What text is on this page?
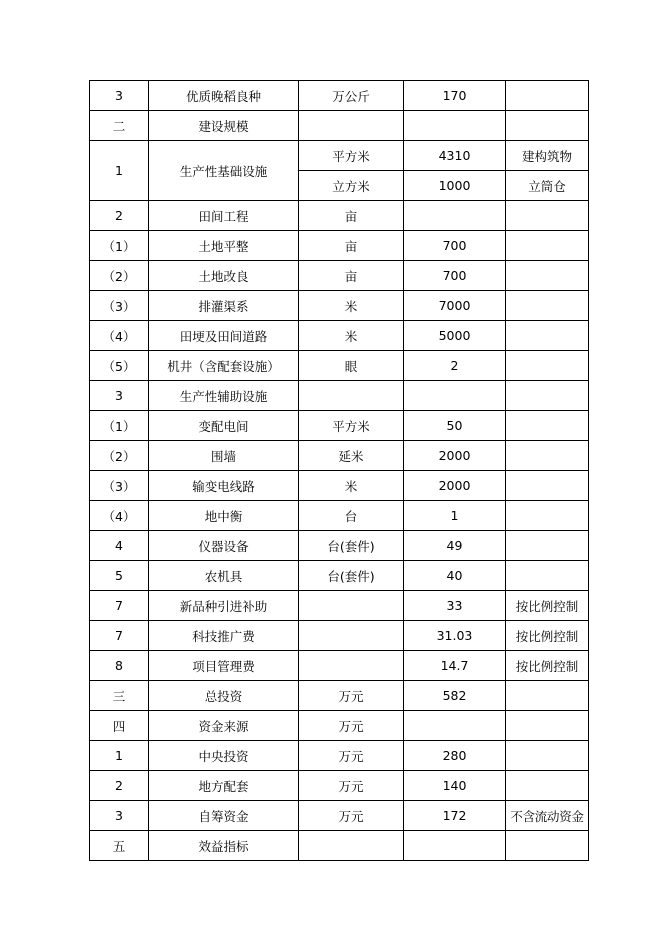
3	优质晚稻良种	万公斤	170	
二	建设规模			
1	生产性基础设施	平方米	4310	建构筑物
		立方米	1000	立筒仓
2	田间工程	亩		
（1）	土地平整	亩	700	
（2）	土地改良	亩	700	
（3）	排灌渠系	米	7000	
（4）	田埂及田间道路	米	5000	
（5）	机井（含配套设施）	眼	2	
3	生产性辅助设施			
（1）	变配电间	平方米	50	
（2）	围墙	延米	2000	
（3）	输变电线路	米	2000	
（4）	地中衡	台	1	
4	仪器设备	台(套件)	49	
5	农机具	台(套件)	40	
7	新品种引进补助		33	按比例控制
7	科技推广费		31.03	按比例控制
8	项目管理费		14.7	按比例控制
三	总投资	万元	582	
四	资金来源	万元		
1	中央投资	万元	280	
2	地方配套	万元	140	
3	自筹资金	万元	172	不含流动资金
五	效益指标			
